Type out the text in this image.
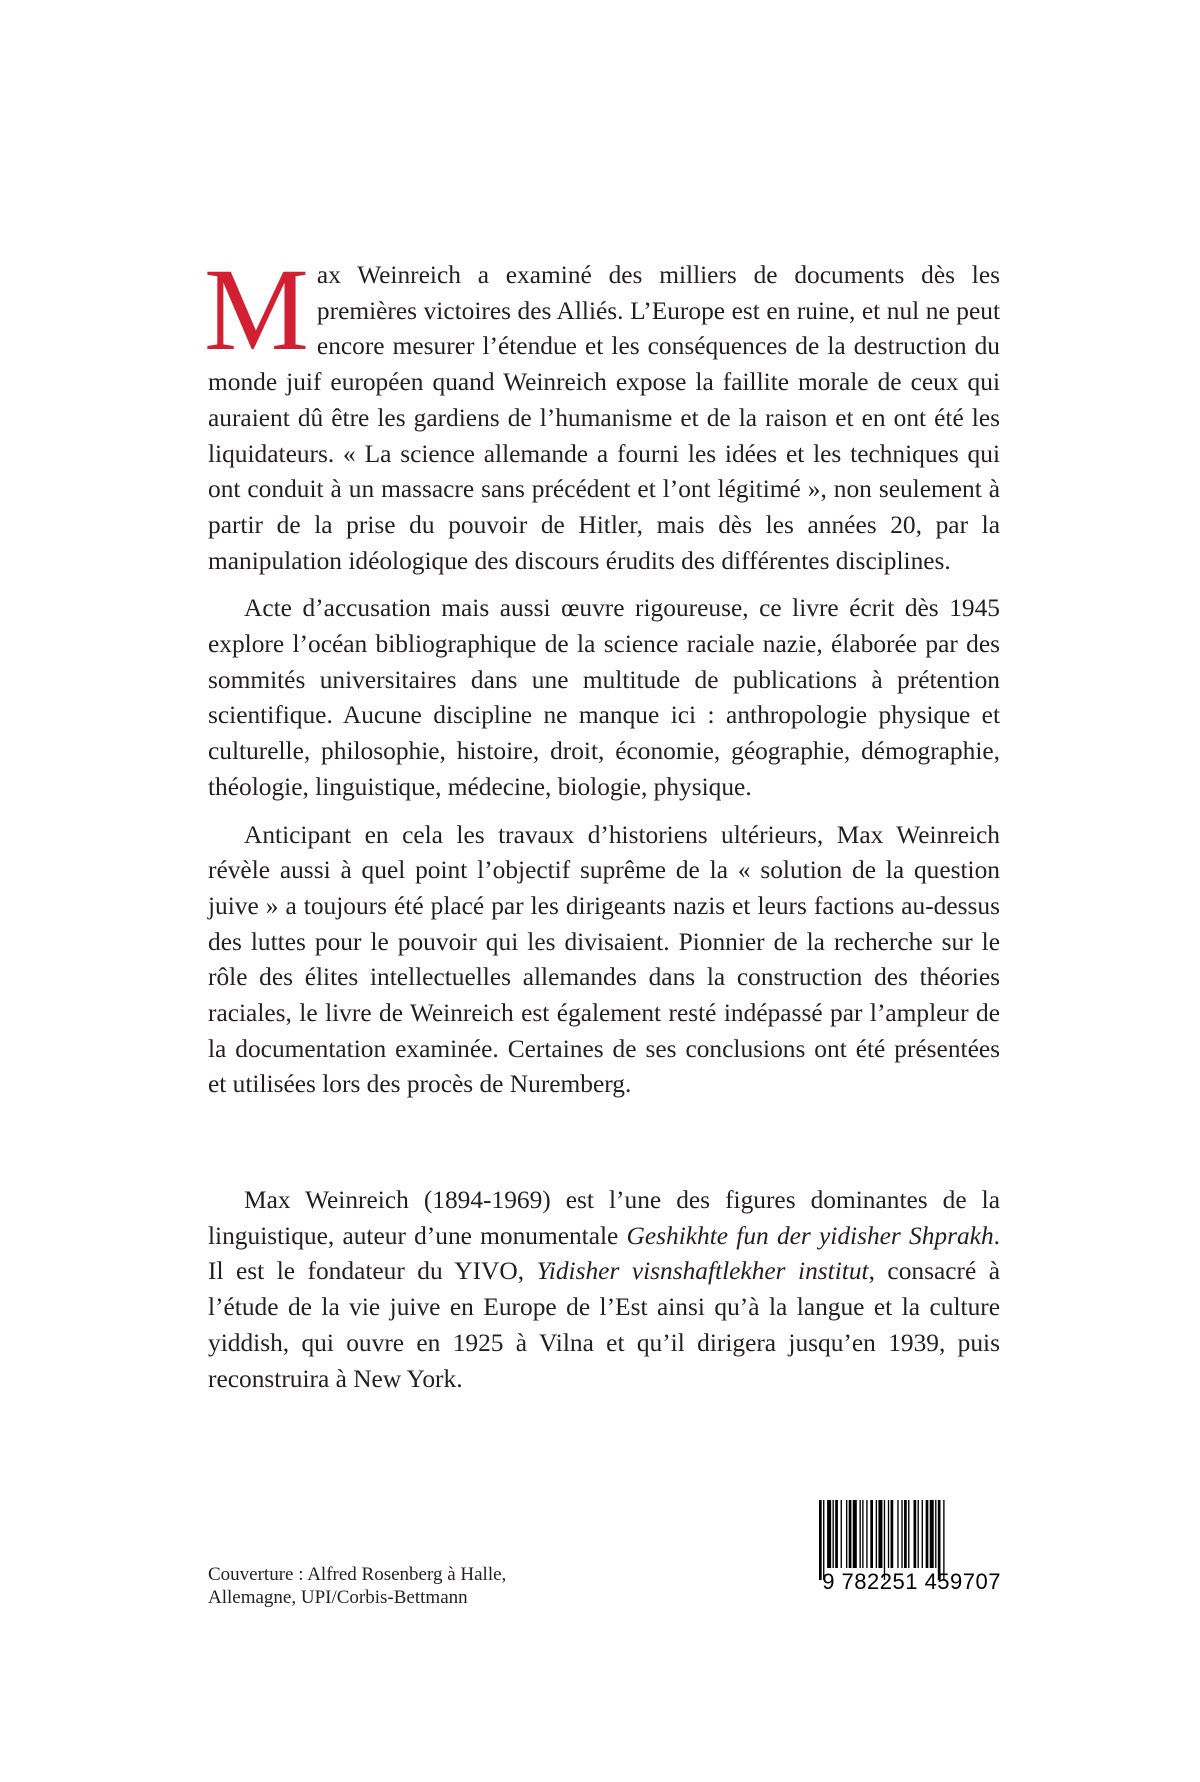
Max Weinreich a examiné des milliers de documents dès les premières victoires des Alliés. L’Europe est en ruine, et nul ne peut encore mesurer l’étendue et les conséquences de la destruction du monde juif européen quand Weinreich expose la faillite morale de ceux qui auraient dû être les gardiens de l’humanisme et de la raison et en ont été les liquidateurs. « La science allemande a fourni les idées et les techniques qui ont conduit à un massacre sans précédent et l’ont légitimé », non seulement à partir de la prise du pouvoir de Hitler, mais dès les années 20, par la manipulation idéologique des discours érudits des différentes disciplines.

Acte d’accusation mais aussi œuvre rigoureuse, ce livre écrit dès 1945 explore l’océan bibliographique de la science raciale nazie, élaborée par des sommités universitaires dans une multitude de publications à prétention scientifique. Aucune discipline ne manque ici : anthropologie physique et culturelle, philosophie, histoire, droit, économie, géographie, démographie, théologie, linguistique, médecine, biologie, physique.

Anticipant en cela les travaux d’historiens ultérieurs, Max Weinreich révèle aussi à quel point l’objectif suprême de la « solution de la question juive » a toujours été placé par les dirigeants nazis et leurs factions au-dessus des luttes pour le pouvoir qui les divisaient. Pionnier de la recherche sur le rôle des élites intellectuelles allemandes dans la construction des théories raciales, le livre de Weinreich est également resté indépassé par l’ampleur de la documentation examinée. Certaines de ses conclusions ont été présentées et utilisées lors des procès de Nuremberg.

Max Weinreich (1894-1969) est l’une des figures dominantes de la linguistique, auteur d’une monumentale Geshikhte fun der yidisher Shprakh. Il est le fondateur du YIVO, Yidisher visnshaftlekher institut, consacré à l’étude de la vie juive en Europe de l’Est ainsi qu’à la langue et la culture yiddish, qui ouvre en 1925 à Vilna et qu’il dirigera jusqu’en 1939, puis reconstruira à New York.

Couverture : Alfred Rosenberg à Halle,
Allemagne, UPI/Corbis-Bettmann
9 782251 459707
